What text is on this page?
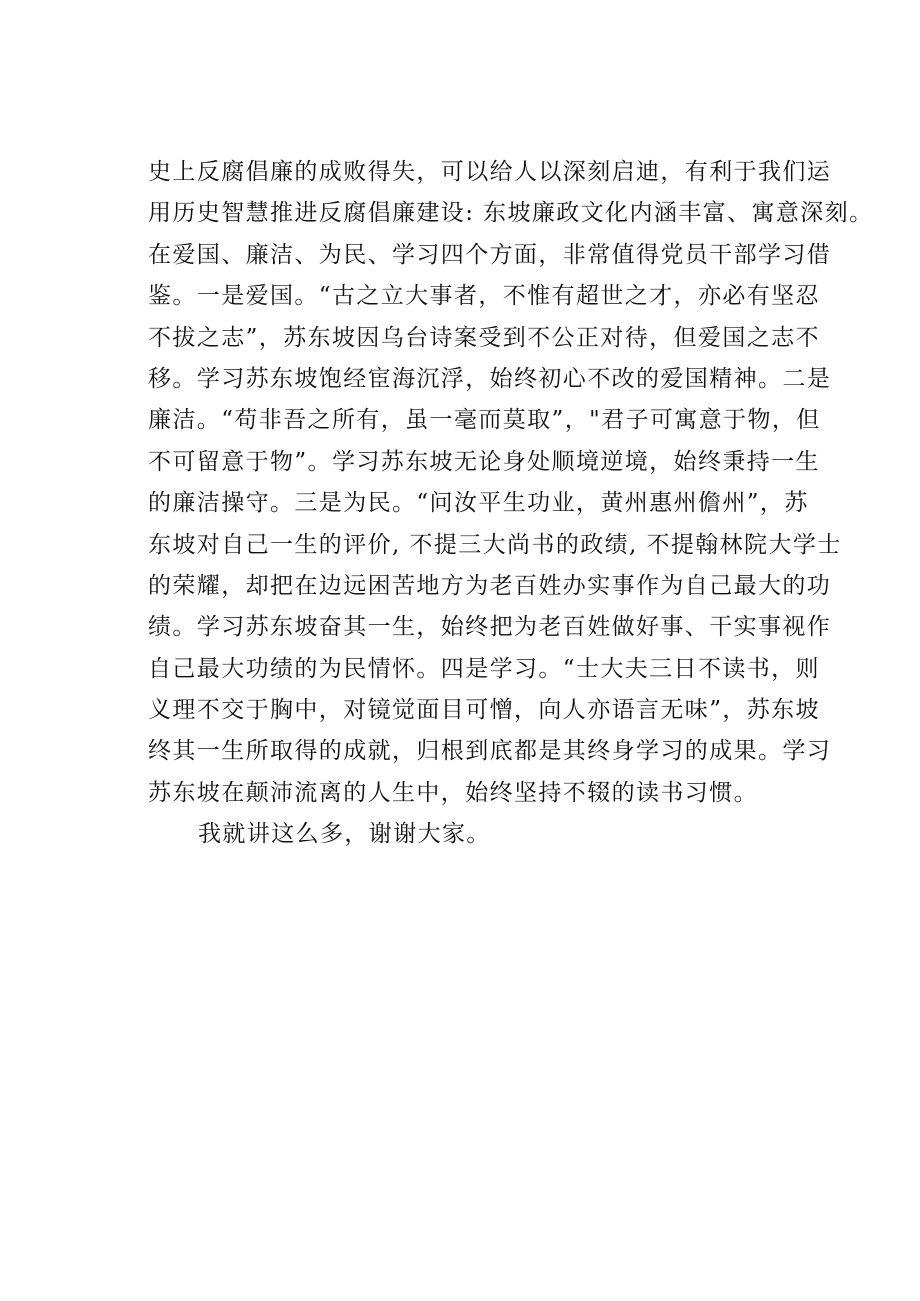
史上反腐倡廉的成败得失，可以给人以深刻启迪，有利于我们运
用历史智慧推进反腐倡廉建设: 东坡廉政文化内涵丰富、寓意深刻。
在爱国、廉洁、为民、学习四个方面，非常值得党员干部学习借
鉴。一是爱国。“古之立大事者，不惟有超世之才，亦必有坚忍
不拔之志”，苏东坡因乌台诗案受到不公正对待，但爱国之志不
移。学习苏东坡饱经宦海沉浮，始终初心不改的爱国精神。二是
廉洁。“苟非吾之所有，虽一毫而莫取”，"君子可寓意于物，但
不可留意于物”。学习苏东坡无论身处顺境逆境，始终秉持一生
的廉洁操守。三是为民。“问汝平生功业，黄州惠州儋州”，苏
东坡对自己一生的评价, 不提三大尚书的政绩, 不提翰林院大学士
的荣耀，却把在边远困苦地方为老百姓办实事作为自己最大的功
绩。学习苏东坡奋其一生，始终把为老百姓做好事、干实事视作
自己最大功绩的为民情怀。四是学习。“士大夫三日不读书，则
义理不交于胸中，对镜觉面目可憎，向人亦语言无味”，苏东坡
终其一生所取得的成就，归根到底都是其终身学习的成果。学习
苏东坡在颠沛流离的人生中，始终坚持不辍的读书习惯。
我就讲这么多，谢谢大家。
